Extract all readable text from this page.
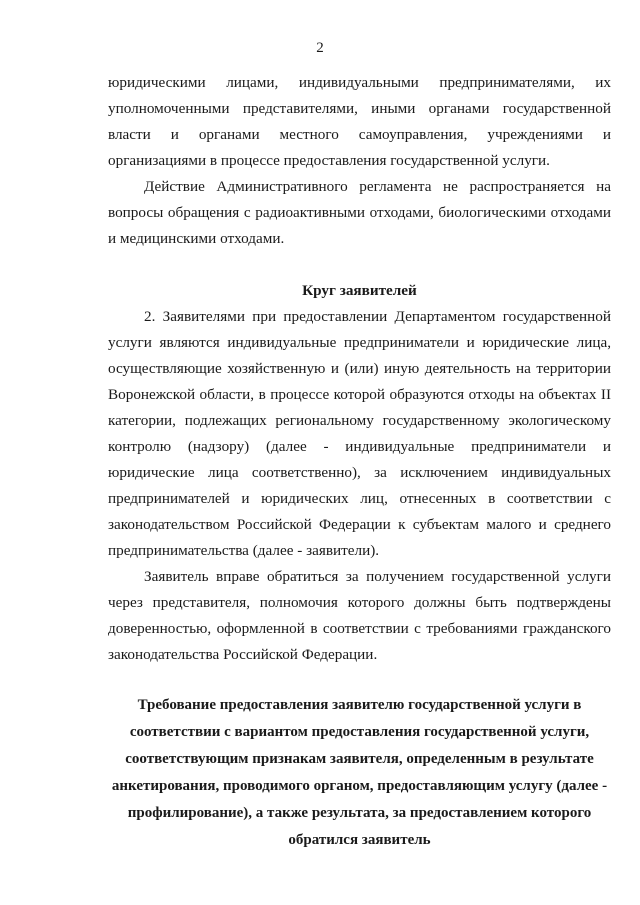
2
юридическими лицами, индивидуальными предпринимателями, их
уполномоченными представителями, иными органами государственной
власти и органами местного самоуправления, учреждениями и
организациями в процессе предоставления государственной услуги.
Действие Административного регламента не распространяется на
вопросы обращения с радиоактивными отходами, биологическими отходами
и медицинскими отходами.
Круг заявителей
2. Заявителями при предоставлении Департаментом государственной
услуги являются индивидуальные предприниматели и юридические лица,
осуществляющие хозяйственную и (или) иную деятельность на территории
Воронежской области, в процессе которой образуются отходы на объектах II
категории, подлежащих региональному государственному экологическому
контролю (надзору) (далее - индивидуальные предприниматели и
юридические лица соответственно), за исключением индивидуальных
предпринимателей и юридических лиц, отнесенных в соответствии с
законодательством Российской Федерации к субъектам малого и среднего
предпринимательства (далее - заявители).
Заявитель вправе обратиться за получением государственной услуги
через представителя, полномочия которого должны быть подтверждены
доверенностью, оформленной в соответствии с требованиями гражданского
законодательства Российской Федерации.
Требование предоставления заявителю государственной услуги в
соответствии с вариантом предоставления государственной услуги,
соответствующим признакам заявителя, определенным в результате
анкетирования, проводимого органом, предоставляющим услугу (далее -
профилирование), а также результата, за предоставлением которого
обратился заявитель
